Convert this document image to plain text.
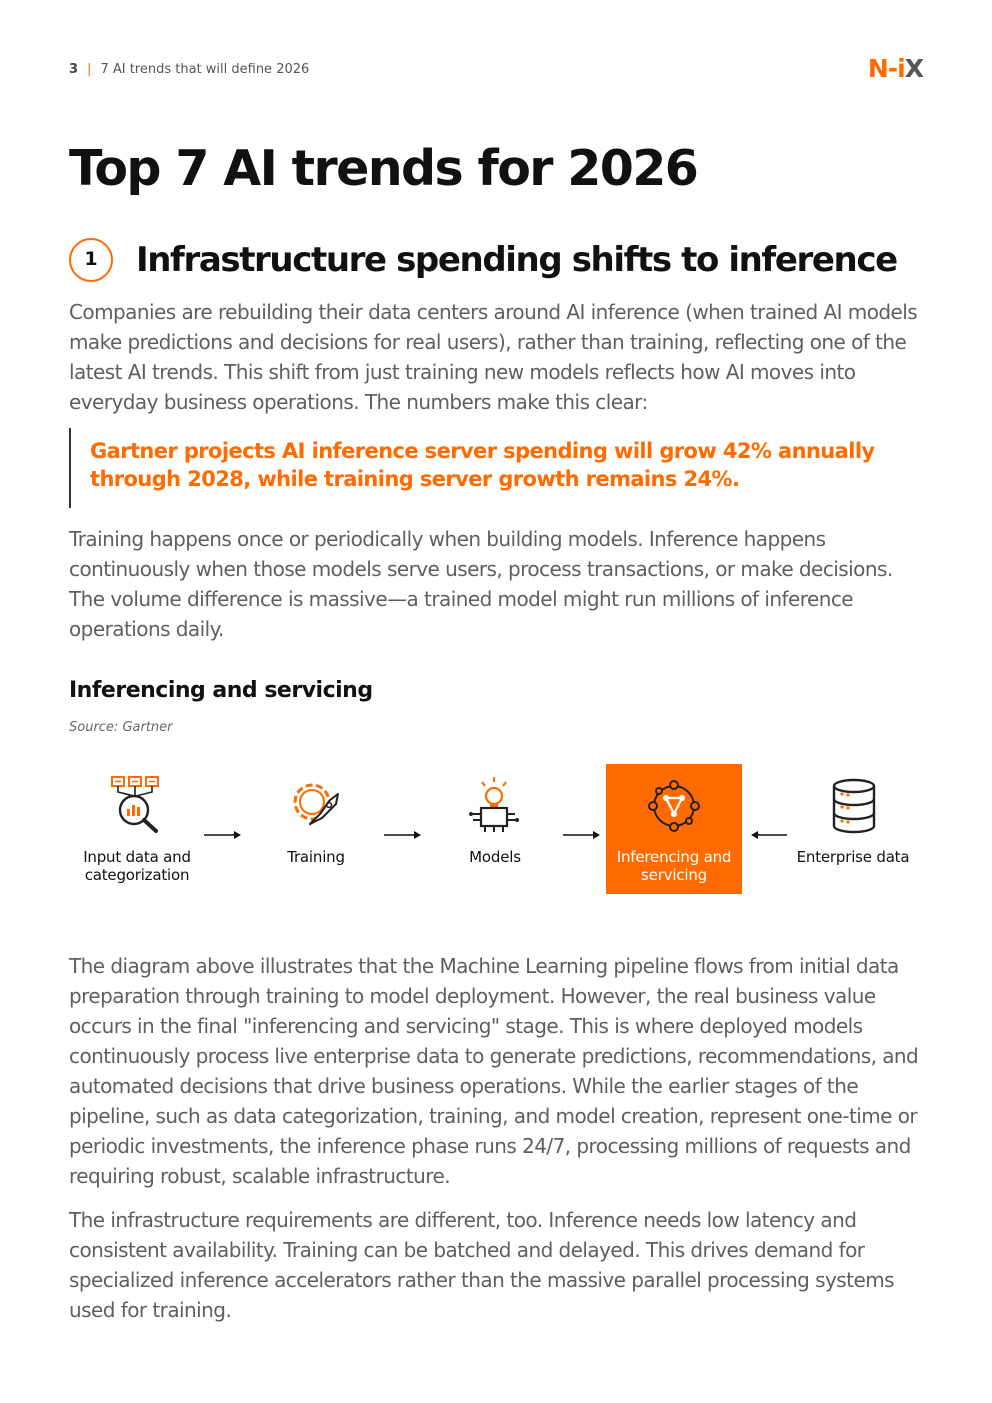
3 | 7 AI trends that will define 2026	N-iX
Top 7 AI trends for 2026
1	Infrastructure spending shifts to inference

Companies are rebuilding their data centers around AI inference (when trained AI models make predictions and decisions for real users), rather than training, reflecting one of the latest AI trends. This shift from just training new models reflects how AI moves into everyday business operations. The numbers make this clear:

Gartner projects AI inference server spending will grow 42% annually through 2028, while training server growth remains 24%.

Training happens once or periodically when building models. Inference happens continuously when those models serve users, process transactions, or make decisions. The volume difference is massive—a trained model might run millions of inference operations daily.

Inferencing and servicing
Source: Gartner
Input data and categorization
Training	Models	Inferencing and servicing
Enterprise data

The diagram above illustrates that the Machine Learning pipeline flows from initial data preparation through training to model deployment. However, the real business value occurs in the final "inferencing and servicing" stage. This is where deployed models continuously process live enterprise data to generate predictions, recommendations, and automated decisions that drive business operations. While the earlier stages of the pipeline, such as data categorization, training, and model creation, represent one-time or periodic investments, the inference phase runs 24/7, processing millions of requests and requiring robust, scalable infrastructure.

The infrastructure requirements are different, too. Inference needs low latency and consistent availability. Training can be batched and delayed. This drives demand for specialized inference accelerators rather than the massive parallel processing systems used for training.
